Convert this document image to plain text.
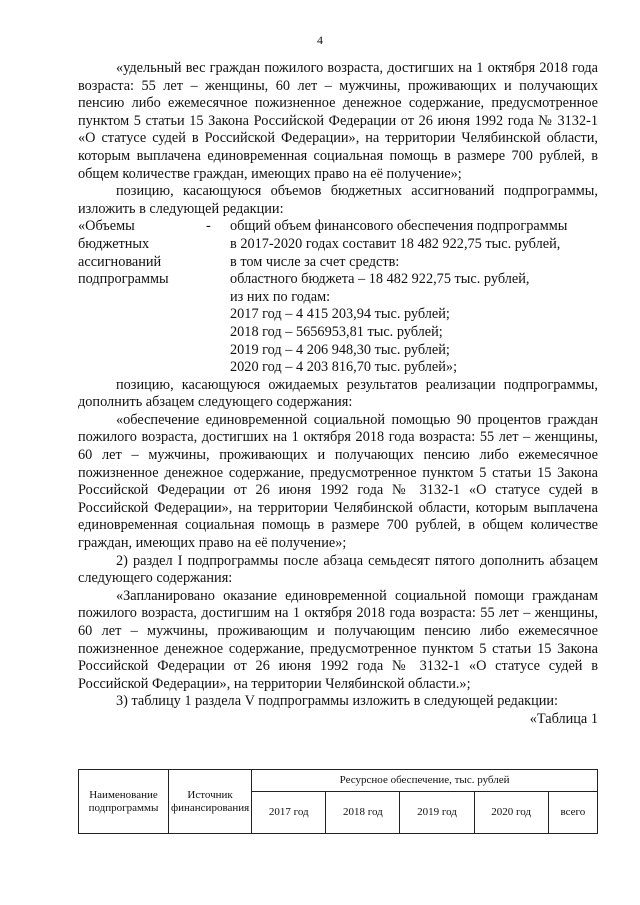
4

«удельный вес граждан пожилого возраста, достигших на 1 октября 2018 года возраста: 55 лет – женщины, 60 лет – мужчины, проживающих и получающих пенсию либо ежемесячное пожизненное денежное содержание, предусмотренное пунктом 5 статьи 15 Закона Российской Федерации от 26 июня 1992 года № 3132-1 «О статусе судей в Российской Федерации», на территории Челябинской области, которым выплачена единовременная социальная помощь в размере 700 рублей, в общем количестве граждан, имеющих право на её получение»;

позицию, касающуюся объемов бюджетных ассигнований подпрограммы, изложить в следующей редакции:

«Объемы
бюджетных
ассигнований
подпрограммы
-	общий объем финансового обеспечения подпрограммы
в 2017-2020 годах составит 18 482 922,75 тыс. рублей,
в том числе за счет средств:
областного бюджета – 18 482 922,75 тыс. рублей,
из них по годам:
2017 год – 4 415 203,94 тыс. рублей;
2018 год – 5656953,81 тыс. рублей;
2019 год – 4 206 948,30 тыс. рублей;
2020 год – 4 203 816,70 тыс. рублей»;

позицию, касающуюся ожидаемых результатов реализации подпрограммы, дополнить абзацем следующего содержания:

«обеспечение единовременной социальной помощью 90 процентов граждан пожилого возраста, достигших на 1 октября 2018 года возраста: 55 лет – женщины, 60 лет – мужчины, проживающих и получающих пенсию либо ежемесячное пожизненное денежное содержание, предусмотренное пунктом 5 статьи 15 Закона Российской Федерации от 26 июня 1992 года № 3132-1 «О статусе судей в Российской Федерации», на территории Челябинской области, которым выплачена единовременная социальная помощь в размере 700 рублей, в общем количестве граждан, имеющих право на её получение»;

2) раздел I подпрограммы после абзаца семьдесят пятого дополнить абзацем следующего содержания:

«Запланировано оказание единовременной социальной помощи гражданам пожилого возраста, достигшим на 1 октября 2018 года возраста: 55 лет – женщины, 60 лет – мужчины, проживающим и получающим пенсию либо ежемесячное пожизненное денежное содержание, предусмотренное пунктом 5 статьи 15 Закона Российской Федерации от 26 июня 1992 года № 3132-1 «О статусе судей в Российской Федерации», на территории Челябинской области.»;

3) таблицу 1 раздела V подпрограммы изложить в следующей редакции:

«Таблица 1
Наименование подпрограммы	Источник финансирования	Ресурсное обеспечение, тыс. рублей				
		2017 год	2018 год	2019 год	2020 год	всего
